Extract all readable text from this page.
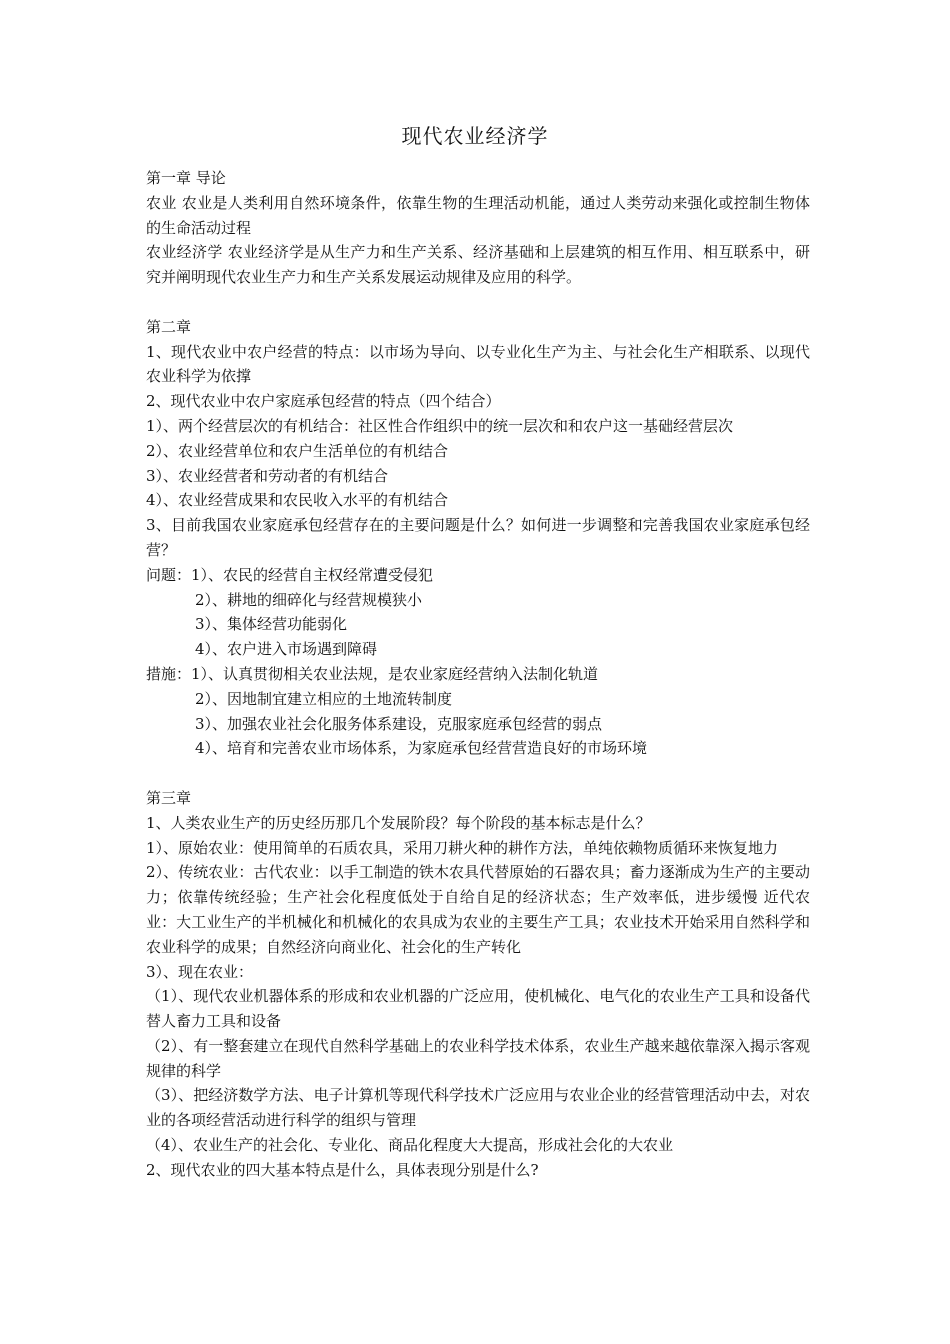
现代农业经济学

第一章 导论

农业 农业是人类利用自然环境条件，依靠生物的生理活动机能，通过人类劳动来强化或控制生物体的生命活动过程

农业经济学 农业经济学是从生产力和生产关系、经济基础和上层建筑的相互作用、相互联系中，研究并阐明现代农业生产力和生产关系发展运动规律及应用的科学。

第二章

1、现代农业中农户经营的特点：以市场为导向、以专业化生产为主、与社会化生产相联系、以现代农业科学为依撑

2、现代农业中农户家庭承包经营的特点（四个结合）

1）、两个经营层次的有机结合：社区性合作组织中的统一层次和和农户这一基础经营层次

2）、农业经营单位和农户生活单位的有机结合

3）、农业经营者和劳动者的有机结合

4）、农业经营成果和农民收入水平的有机结合

3、目前我国农业家庭承包经营存在的主要问题是什么？如何进一步调整和完善我国农业家庭承包经营？

问题：1）、农民的经营自主权经常遭受侵犯

2）、耕地的细碎化与经营规模狭小

3）、集体经营功能弱化

4）、农户进入市场遇到障碍

措施：1）、认真贯彻相关农业法规，是农业家庭经营纳入法制化轨道

2）、因地制宜建立相应的土地流转制度

3）、加强农业社会化服务体系建设，克服家庭承包经营的弱点

4）、培育和完善农业市场体系，为家庭承包经营营造良好的市场环境

第三章

1、人类农业生产的历史经历那几个发展阶段？每个阶段的基本标志是什么？

1）、原始农业：使用简单的石质农具，采用刀耕火种的耕作方法，单纯依赖物质循环来恢复地力

2）、传统农业：古代农业：以手工制造的铁木农具代替原始的石器农具；畜力逐渐成为生产的主要动力；依靠传统经验；生产社会化程度低处于自给自足的经济状态；生产效率低，进步缓慢 近代农业：大工业生产的半机械化和机械化的农具成为农业的主要生产工具；农业技术开始采用自然科学和农业科学的成果；自然经济向商业化、社会化的生产转化

3）、现在农业：

（1）、现代农业机器体系的形成和农业机器的广泛应用，使机械化、电气化的农业生产工具和设备代替人畜力工具和设备

（2）、有一整套建立在现代自然科学基础上的农业科学技术体系，农业生产越来越依靠深入揭示客观规律的科学

（3）、把经济数学方法、电子计算机等现代科学技术广泛应用与农业企业的经营管理活动中去，对农业的各项经营活动进行科学的组织与管理

（4）、农业生产的社会化、专业化、商品化程度大大提高，形成社会化的大农业

2、现代农业的四大基本特点是什么，具体表现分别是什么?
